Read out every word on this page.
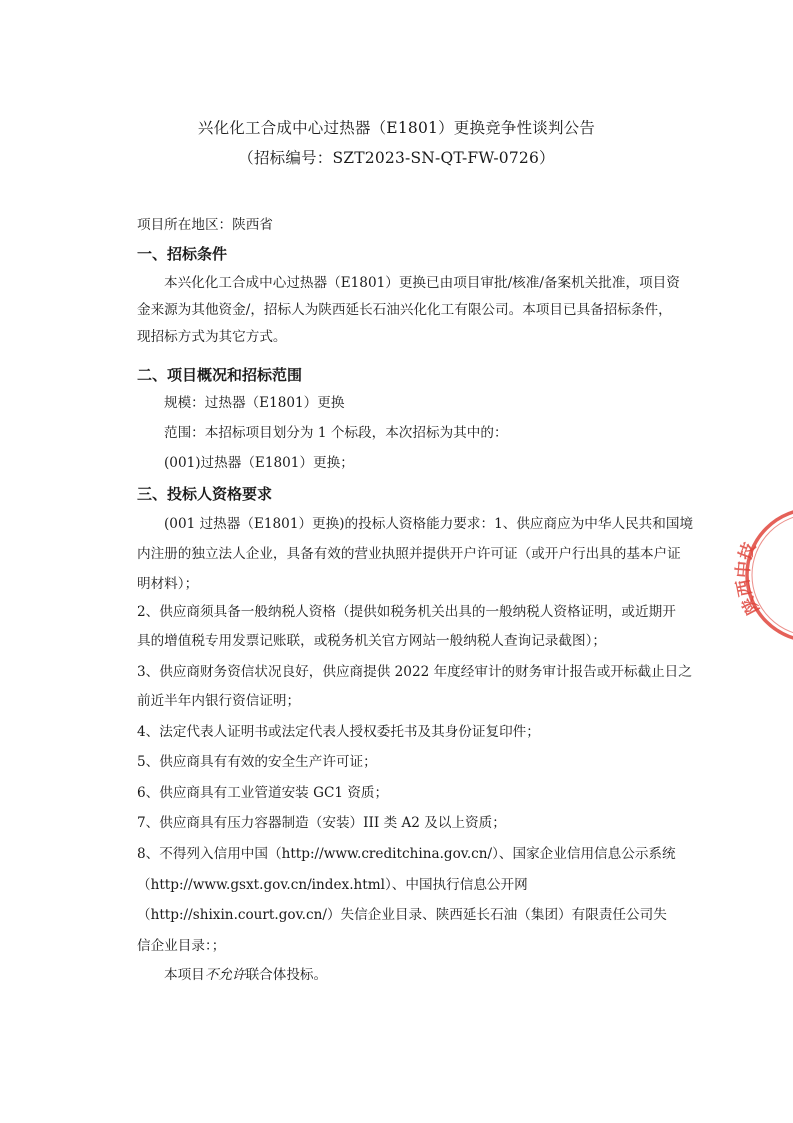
兴化化工合成中心过热器（E1801）更换竞争性谈判公告
（招标编号：SZT2023-SN-QT-FW-0726）
项目所在地区：陕西省
一、招标条件
本兴化化工合成中心过热器（E1801）更换已由项目审批/核准/备案机关批准，项目资
金来源为其他资金/，招标人为陕西延长石油兴化化工有限公司。本项目已具备招标条件，
现招标方式为其它方式。
二、项目概况和招标范围
规模：过热器（E1801）更换
范围：本招标项目划分为 1 个标段，本次招标为其中的：
(001)过热器（E1801）更换；
三、投标人资格要求
(001 过热器（E1801）更换)的投标人资格能力要求：1、供应商应为中华人民共和国境
内注册的独立法人企业，具备有效的营业执照并提供开户许可证（或开户行出具的基本户证
明材料）；
2、供应商须具备一般纳税人资格（提供如税务机关出具的一般纳税人资格证明，或近期开
具的增值税专用发票记账联，或税务机关官方网站一般纳税人查询记录截图）；
3、供应商财务资信状况良好，供应商提供 2022 年度经审计的财务审计报告或开标截止日之
前近半年内银行资信证明；
4、法定代表人证明书或法定代表人授权委托书及其身份证复印件；
5、供应商具有有效的安全生产许可证；
6、供应商具有工业管道安装 GC1 资质；
7、供应商具有压力容器制造（安装）III 类 A2 及以上资质；
8、不得列入信用中国（http://www.creditchina.gov.cn/）、国家企业信用信息公示系统
（http://www.gsxt.gov.cn/index.html）、中国执行信息公开网
（http://shixin.court.gov.cn/）失信企业目录、陕西延长石油（集团）有限责任公司失
信企业目录：；
本项目不允许联合体投标。
陕西中技
